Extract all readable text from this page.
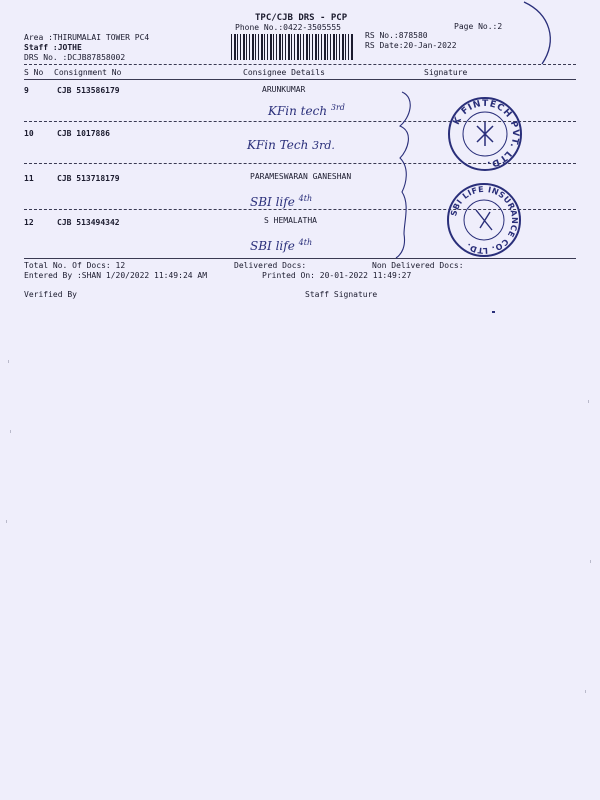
TPC/CJB DRS - PCP
Phone No.:0422-3505555	Page No.:2
Area :THIRUMALAI TOWER PC4
Staff :JOTHE
DRS No. :DCJB87858002
RS No.:878580
RS Date:20-Jan-2022
S No Consignment No	Consignee Details	Signature
9	CJB 513586179	ARUNKUMAR
KFin tech $^{3rd}$
10	CJB 1017886
KFin Tech 3rd.
11	CJB 513718179	PARAMESWARAN GANESHAN
SBI life $^{4th}$
12	CJB 513494342	S HEMALATHA
SBI life $^{4th}$
K FINTECH PVT. LTD.
SBI LIFE INSURANCE CO. LTD.
Total No. Of Docs: 12	Delivered Docs:	Non Delivered Docs:
Entered By :SHAN 1/20/2022 11:49:24 AM	Printed On: 20-01-2022 11:49:27
Verified By	Staff Signature
